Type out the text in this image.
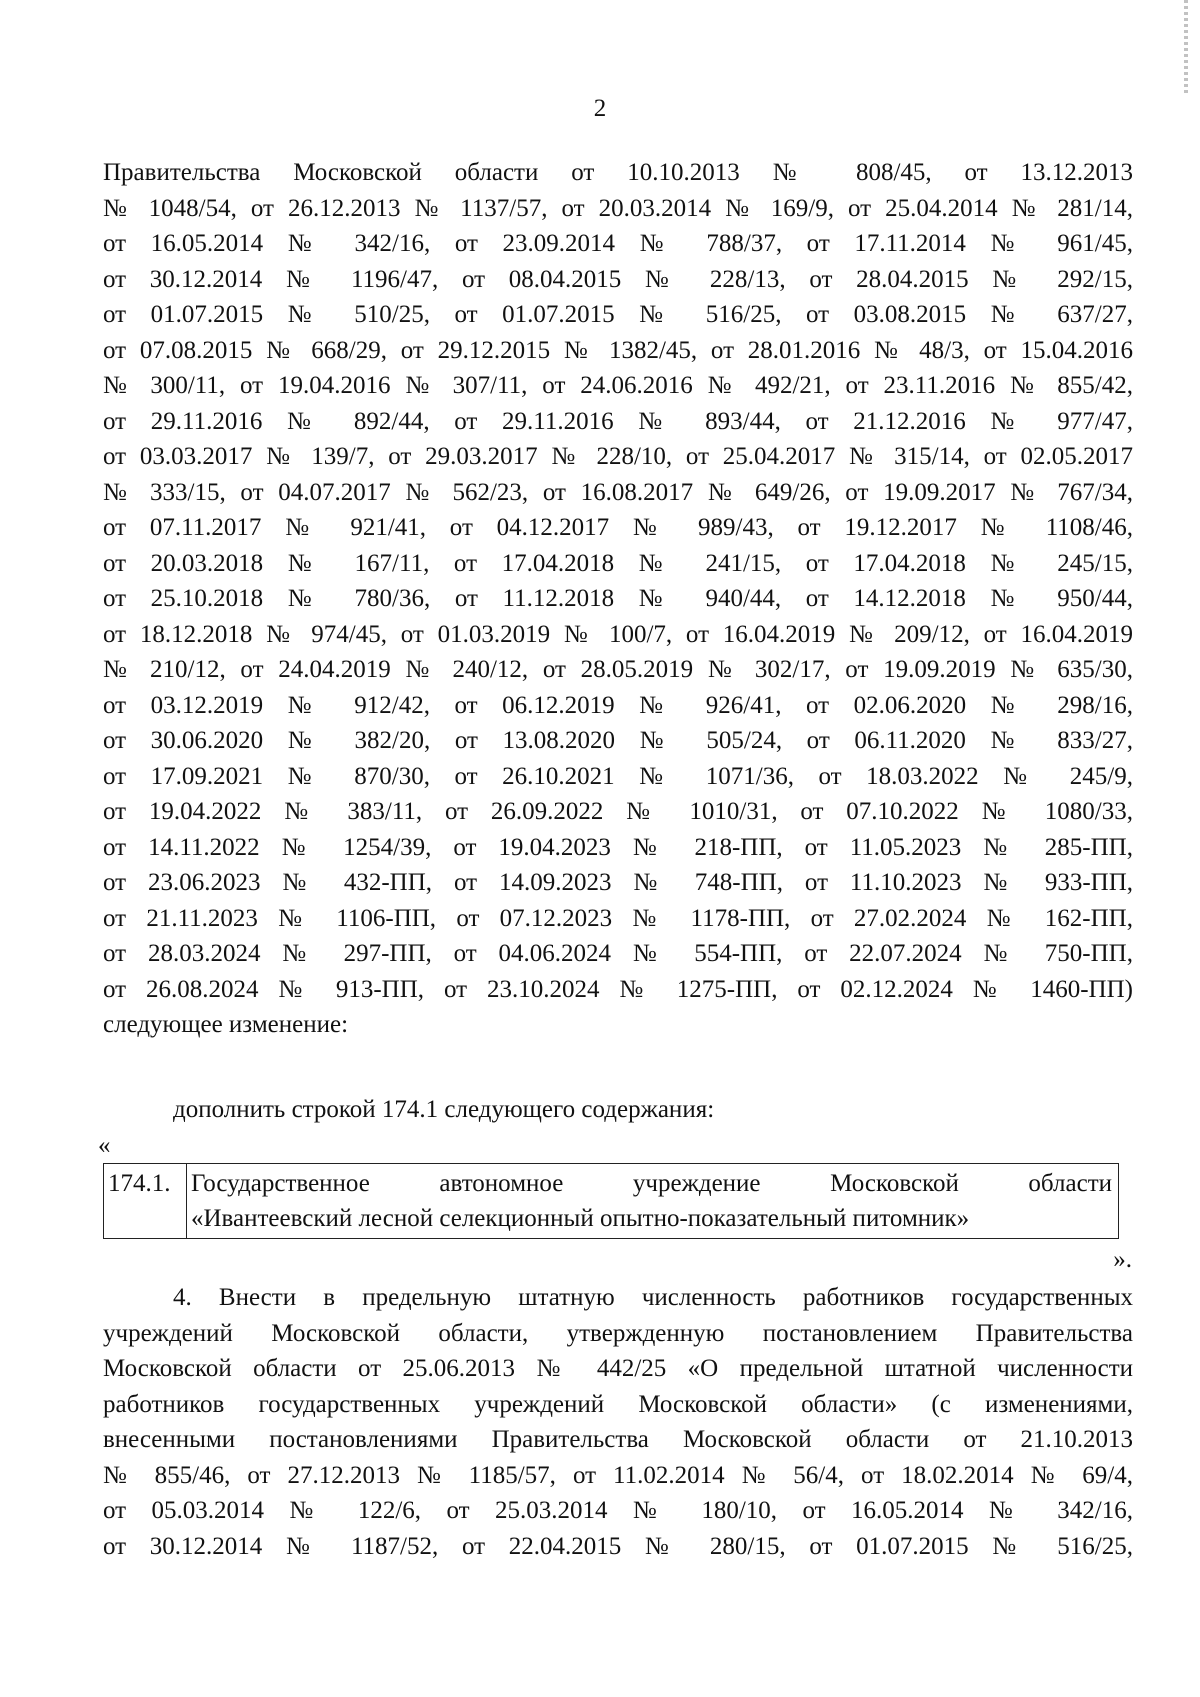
2
Правительства Московской области от 10.10.2013 № 808/45, от 13.12.2013
№ 1048/54, от 26.12.2013 № 1137/57, от 20.03.2014 № 169/9, от 25.04.2014 № 281/14,
от 16.05.2014 № 342/16, от 23.09.2014 № 788/37, от 17.11.2014 № 961/45,
от 30.12.2014 № 1196/47, от 08.04.2015 № 228/13, от 28.04.2015 № 292/15,
от 01.07.2015 № 510/25, от 01.07.2015 № 516/25, от 03.08.2015 № 637/27,
от 07.08.2015 № 668/29, от 29.12.2015 № 1382/45, от 28.01.2016 № 48/3, от 15.04.2016
№ 300/11, от 19.04.2016 № 307/11, от 24.06.2016 № 492/21, от 23.11.2016 № 855/42,
от 29.11.2016 № 892/44, от 29.11.2016 № 893/44, от 21.12.2016 № 977/47,
от 03.03.2017 № 139/7, от 29.03.2017 № 228/10, от 25.04.2017 № 315/14, от 02.05.2017
№ 333/15, от 04.07.2017 № 562/23, от 16.08.2017 № 649/26, от 19.09.2017 № 767/34,
от 07.11.2017 № 921/41, от 04.12.2017 № 989/43, от 19.12.2017 № 1108/46,
от 20.03.2018 № 167/11, от 17.04.2018 № 241/15, от 17.04.2018 № 245/15,
от 25.10.2018 № 780/36, от 11.12.2018 № 940/44, от 14.12.2018 № 950/44,
от 18.12.2018 № 974/45, от 01.03.2019 № 100/7, от 16.04.2019 № 209/12, от 16.04.2019
№ 210/12, от 24.04.2019 № 240/12, от 28.05.2019 № 302/17, от 19.09.2019 № 635/30,
от 03.12.2019 № 912/42, от 06.12.2019 № 926/41, от 02.06.2020 № 298/16,
от 30.06.2020 № 382/20, от 13.08.2020 № 505/24, от 06.11.2020 № 833/27,
от 17.09.2021 № 870/30, от 26.10.2021 № 1071/36, от 18.03.2022 № 245/9,
от 19.04.2022 № 383/11, от 26.09.2022 № 1010/31, от 07.10.2022 № 1080/33,
от 14.11.2022 № 1254/39, от 19.04.2023 № 218-ПП, от 11.05.2023 № 285-ПП,
от 23.06.2023 № 432-ПП, от 14.09.2023 № 748-ПП, от 11.10.2023 № 933-ПП,
от 21.11.2023 № 1106-ПП, от 07.12.2023 № 1178-ПП, от 27.02.2024 № 162-ПП,
от 28.03.2024 № 297-ПП, от 04.06.2024 № 554-ПП, от 22.07.2024 № 750-ПП,
от 26.08.2024 № 913-ПП, от 23.10.2024 № 1275-ПП, от 02.12.2024 № 1460-ПП)
следующее изменение:
дополнить строкой 174.1 следующего содержания:
«
174.1.	Государственное автономное учреждение Московской области
«Ивантеевский лесной селекционный опытно-показательный питомник»
».
4. Внести в предельную штатную численность работников государственных
учреждений Московской области, утвержденную постановлением Правительства
Московской области от 25.06.2013 № 442/25 «О предельной штатной численности
работников государственных учреждений Московской области» (с изменениями,
внесенными постановлениями Правительства Московской области от 21.10.2013
№ 855/46, от 27.12.2013 № 1185/57, от 11.02.2014 № 56/4, от 18.02.2014 № 69/4,
от 05.03.2014 № 122/6, от 25.03.2014 № 180/10, от 16.05.2014 № 342/16,
от 30.12.2014 № 1187/52, от 22.04.2015 № 280/15, от 01.07.2015 № 516/25,
